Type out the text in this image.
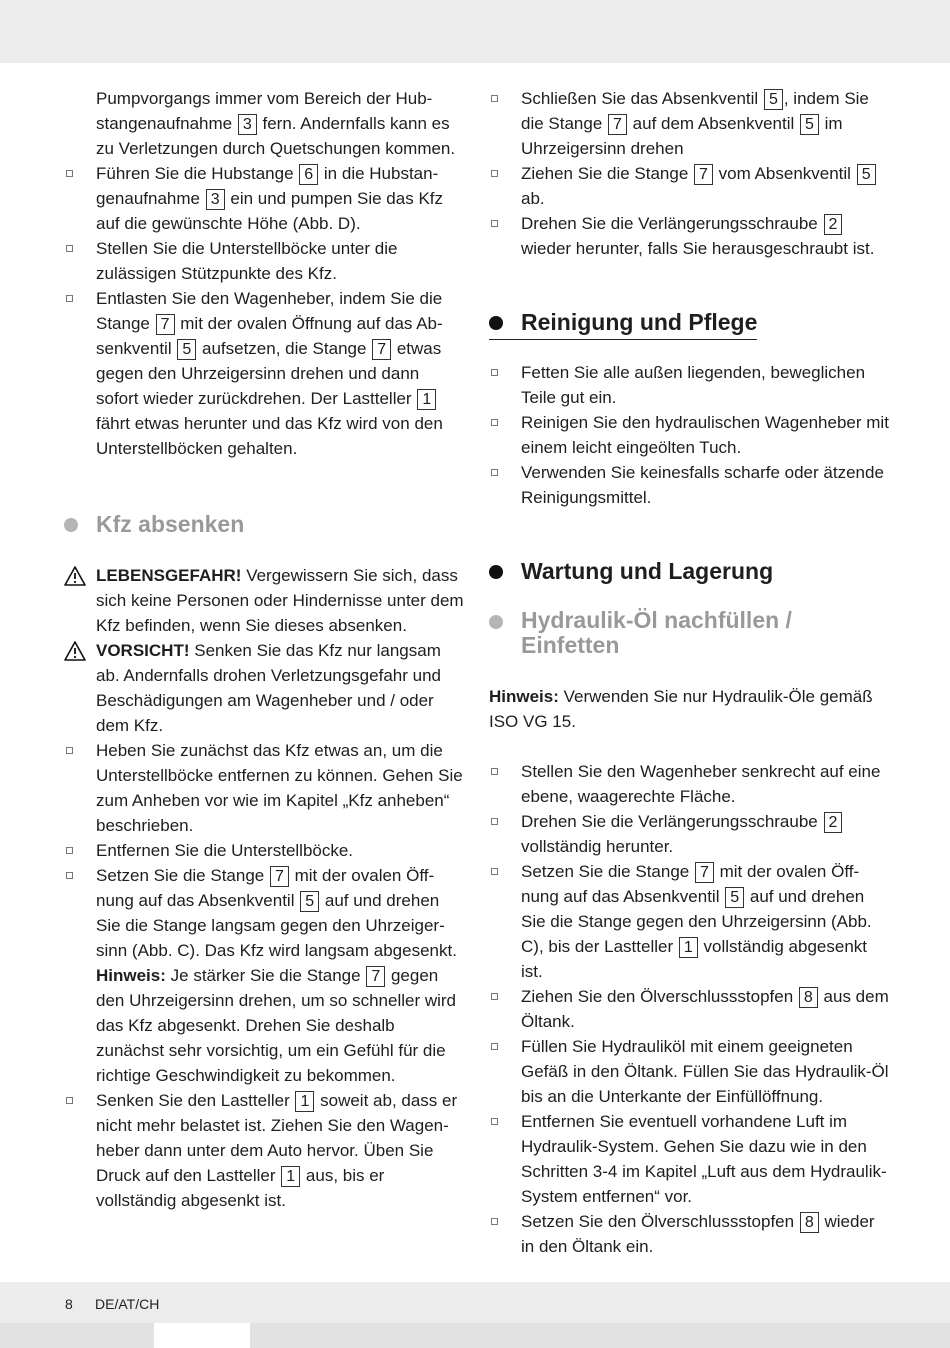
Pumpvorgangs immer vom Bereich der Hub-stangenaufnahme 3 fern. Andernfalls kann es zu Verletzungen durch Quetschungen kommen.
Führen Sie die Hubstange 6 in die Hubstan-genaufnahme 3 ein und pumpen Sie das Kfz auf die gewünschte Höhe (Abb. D).
Stellen Sie die Unterstellböcke unter die zulässigen Stützpunkte des Kfz.
Entlasten Sie den Wagenheber, indem Sie die Stange 7 mit der ovalen Öffnung auf das Ab-senkventil 5 aufsetzen, die Stange 7 etwas gegen den Uhrzeigersinn drehen und dann sofort wieder zurückdrehen. Der Lastteller 1 fährt etwas herunter und das Kfz wird von den Unterstellböcken gehalten.
Kfz absenken
LEBENSGEFAHR! Vergewissern Sie sich, dass sich keine Personen oder Hindernisse unter dem Kfz befinden, wenn Sie dieses absenken.
VORSICHT! Senken Sie das Kfz nur langsam ab. Andernfalls drohen Verletzungsgefahr und Beschädigungen am Wagenheber und / oder dem Kfz.
Heben Sie zunächst das Kfz etwas an, um die Unterstellböcke entfernen zu können. Gehen Sie zum Anheben vor wie im Kapitel „Kfz anheben“ beschrieben.
Entfernen Sie die Unterstellböcke.
Setzen Sie die Stange 7 mit der ovalen Öff-nung auf das Absenkventil 5 auf und drehen Sie die Stange langsam gegen den Uhrzeiger-sinn (Abb. C). Das Kfz wird langsam abgesenkt. Hinweis: Je stärker Sie die Stange 7 gegen den Uhrzeigersinn drehen, um so schneller wird das Kfz abgesenkt. Drehen Sie deshalb zunächst sehr vorsichtig, um ein Gefühl für die richtige Geschwindigkeit zu bekommen.
Senken Sie den Lastteller 1 soweit ab, dass er nicht mehr belastet ist. Ziehen Sie den Wagen-heber dann unter dem Auto hervor. Üben Sie Druck auf den Lastteller 1 aus, bis er vollständig abgesenkt ist.
Schließen Sie das Absenkventil 5 , indem Sie die Stange 7 auf dem Absenkventil 5 im Uhrzeigersinn drehen
Ziehen Sie die Stange 7 vom Absenkventil 5 ab.
Drehen Sie die Verlängerungsschraube 2 wieder herunter, falls Sie herausgeschraubt ist.
Reinigung und Pflege
Fetten Sie alle außen liegenden, beweglichen Teile gut ein.
Reinigen Sie den hydraulischen Wagenheber mit einem leicht eingeölten Tuch.
Verwenden Sie keinesfalls scharfe oder ätzende Reinigungsmittel.
Wartung und Lagerung
Hydraulik-Öl nachfüllen / Einfetten
Hinweis: Verwenden Sie nur Hydraulik-Öle gemäß ISO VG 15.
Stellen Sie den Wagenheber senkrecht auf eine ebene, waagerechte Fläche.
Drehen Sie die Verlängerungsschraube 2 vollständig herunter.
Setzen Sie die Stange 7 mit der ovalen Öff-nung auf das Absenkventil 5 auf und drehen Sie die Stange gegen den Uhrzeigersinn (Abb. C), bis der Lastteller 1 vollständig abgesenkt ist.
Ziehen Sie den Ölverschlussstopfen 8 aus dem Öltank.
Füllen Sie Hydrauliköl mit einem geeigneten Gefäß in den Öltank. Füllen Sie das Hydraulik-Öl bis an die Unterkante der Einfüllöffnung.
Entfernen Sie eventuell vorhandene Luft im Hydraulik-System. Gehen Sie dazu wie in den Schritten 3-4 im Kapitel „Luft aus dem Hydraulik-System entfernen“ vor.
Setzen Sie den Ölverschlussstopfen 8 wieder in den Öltank ein.
8 DE/AT/CH
